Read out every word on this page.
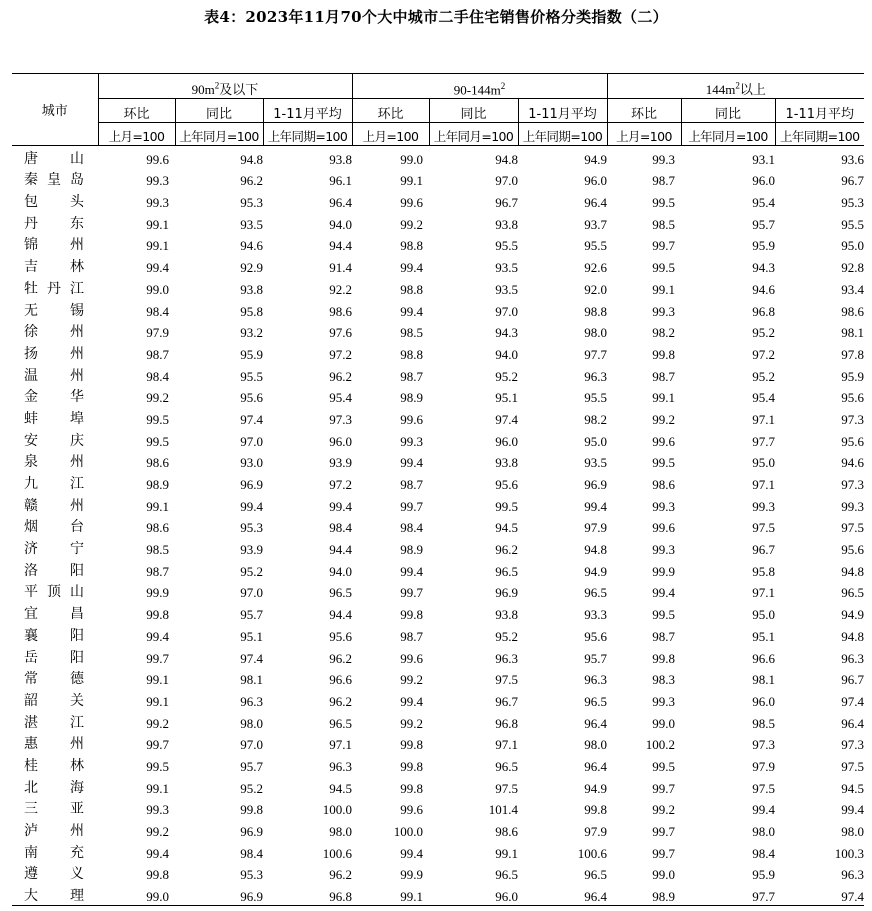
表4：2023年11月70个大中城市二手住宅销售价格分类指数（二）
城市	$90m^2$及以下			$90-144m^2$			$144m^2$以上		
	环比	同比	1-11月平均	环比	同比	1-11月平均	环比	同比	1-11月平均
	上月=100	上年同月=100	上年同期=100	上月=100	上年同月=100	上年同期=100	上月=100	上年同月=100	上年同期=100
唐山	99.6	94.8	93.8	99.0	94.8	94.9	99.3	93.1	93.6
秦皇岛	99.3	96.2	96.1	99.1	97.0	96.0	98.7	96.0	96.7
包头	99.3	95.3	96.4	99.6	96.7	96.4	99.5	95.4	95.3
丹东	99.1	93.5	94.0	99.2	93.8	93.7	98.5	95.7	95.5
锦州	99.1	94.6	94.4	98.8	95.5	95.5	99.7	95.9	95.0
吉林	99.4	92.9	91.4	99.4	93.5	92.6	99.5	94.3	92.8
牡丹江	99.0	93.8	92.2	98.8	93.5	92.0	99.1	94.6	93.4
无锡	98.4	95.8	98.6	99.4	97.0	98.8	99.3	96.8	98.6
徐州	97.9	93.2	97.6	98.5	94.3	98.0	98.2	95.2	98.1
扬州	98.7	95.9	97.2	98.8	94.0	97.7	99.8	97.2	97.8
温州	98.4	95.5	96.2	98.7	95.2	96.3	98.7	95.2	95.9
金华	99.2	95.6	95.4	98.9	95.1	95.5	99.1	95.4	95.6
蚌埠	99.5	97.4	97.3	99.6	97.4	98.2	99.2	97.1	97.3
安庆	99.5	97.0	96.0	99.3	96.0	95.0	99.6	97.7	95.6
泉州	98.6	93.0	93.9	99.4	93.8	93.5	99.5	95.0	94.6
九江	98.9	96.9	97.2	98.7	95.6	96.9	98.6	97.1	97.3
赣州	99.1	99.4	99.4	99.7	99.5	99.4	99.3	99.3	99.3
烟台	98.6	95.3	98.4	98.4	94.5	97.9	99.6	97.5	97.5
济宁	98.5	93.9	94.4	98.9	96.2	94.8	99.3	96.7	95.6
洛阳	98.7	95.2	94.0	99.4	96.5	94.9	99.9	95.8	94.8
平顶山	99.9	97.0	96.5	99.7	96.9	96.5	99.4	97.1	96.5
宜昌	99.8	95.7	94.4	99.8	93.8	93.3	99.5	95.0	94.9
襄阳	99.4	95.1	95.6	98.7	95.2	95.6	98.7	95.1	94.8
岳阳	99.7	97.4	96.2	99.6	96.3	95.7	99.8	96.6	96.3
常德	99.1	98.1	96.6	99.2	97.5	96.3	98.3	98.1	96.7
韶关	99.1	96.3	96.2	99.4	96.7	96.5	99.3	96.0	97.4
湛江	99.2	98.0	96.5	99.2	96.8	96.4	99.0	98.5	96.4
惠州	99.7	97.0	97.1	99.8	97.1	98.0	100.2	97.3	97.3
桂林	99.5	95.7	96.3	99.8	96.5	96.4	99.5	97.9	97.5
北海	99.1	95.2	94.5	99.8	97.5	94.9	99.7	97.5	94.5
三亚	99.3	99.8	100.0	99.6	101.4	99.8	99.2	99.4	99.4
泸州	99.2	96.9	98.0	100.0	98.6	97.9	99.7	98.0	98.0
南充	99.4	98.4	100.6	99.4	99.1	100.6	99.7	98.4	100.3
遵义	99.8	95.3	96.2	99.9	96.5	96.5	99.0	95.9	96.3
大理	99.0	96.9	96.8	99.1	96.0	96.4	98.9	97.7	97.4
